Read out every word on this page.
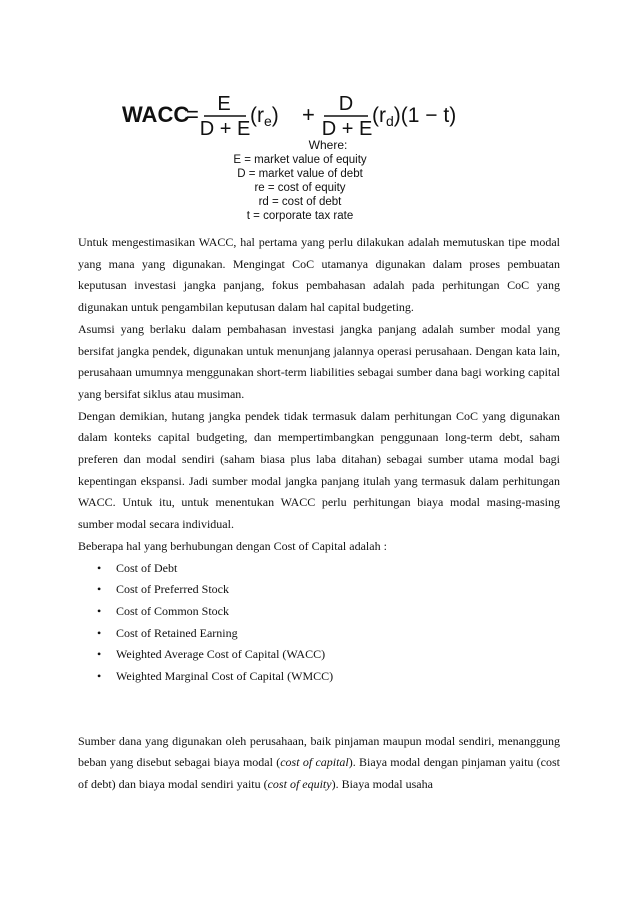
WACC
= E
D + E
(re) + D
D + E
(rd)(1 − t)
Where:
E = market value of equity
D = market value of debt
re = cost of equity
rd = cost of debt
t = corporate tax rate

Untuk mengestimasikan WACC, hal pertama yang perlu dilakukan adalah memutuskan tipe modal yang mana yang digunakan. Mengingat CoC utamanya digunakan dalam proses pembuatan keputusan investasi jangka panjang, fokus pembahasan adalah pada perhitungan CoC yang digunakan untuk pengambilan keputusan dalam hal capital budgeting.

Asumsi yang berlaku dalam pembahasan investasi jangka panjang adalah sumber modal yang bersifat jangka pendek, digunakan untuk menunjang jalannya operasi perusahaan. Dengan kata lain, perusahaan umumnya menggunakan short-term liabilities sebagai sumber dana bagi working capital yang bersifat siklus atau musiman.

Dengan demikian, hutang jangka pendek tidak termasuk dalam perhitungan CoC yang digunakan dalam konteks capital budgeting, dan mempertimbangkan penggunaan long-term debt, saham preferen dan modal sendiri (saham biasa plus laba ditahan) sebagai sumber utama modal bagi kepentingan ekspansi. Jadi sumber modal jangka panjang itulah yang termasuk dalam perhitungan WACC. Untuk itu, untuk menentukan WACC perlu perhitungan biaya modal masing-masing sumber modal secara individual.

Beberapa hal yang berhubungan dengan Cost of Capital adalah :

• Cost of Debt
• Cost of Preferred Stock
• Cost of Common Stock
• Cost of Retained Earning
• Weighted Average Cost of Capital (WACC)
• Weighted Marginal Cost of Capital (WMCC)

Sumber dana yang digunakan oleh perusahaan, baik pinjaman maupun modal sendiri, menanggung beban yang disebut sebagai biaya modal (cost of capital). Biaya modal dengan pinjaman yaitu (cost of debt) dan biaya modal sendiri yaitu (cost of equity). Biaya modal usaha
